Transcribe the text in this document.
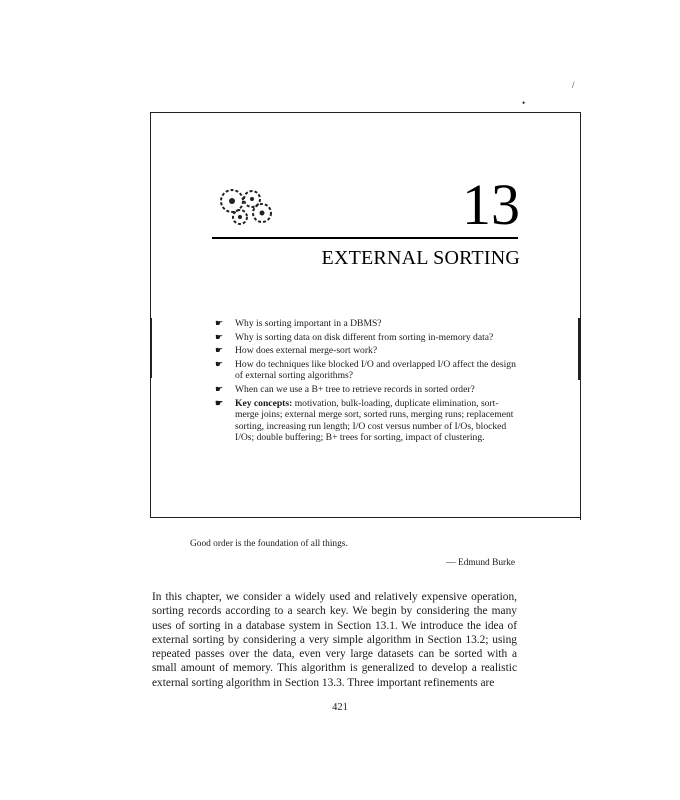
•
/
13
EXTERNAL SORTING
☛ Why is sorting important in a DBMS?
☛ Why is sorting data on disk different from sorting in-memory data?
☛ How does external merge-sort work?
☛ How do techniques like blocked I/O and overlapped I/O affect the design of external sorting algorithms?
☛ When can we use a B+ tree to retrieve records in sorted order?
☛ Key concepts: motivation, bulk-loading, duplicate elimination, sort-merge joins; external merge sort, sorted runs, merging runs; replacement sorting, increasing run length; I/O cost versus number of I/Os, blocked I/Os; double buffering; B+ trees for sorting, impact of clustering.
Good order is the foundation of all things.
— Edmund Burke
In this chapter, we consider a widely used and relatively expensive operation, sorting records according to a search key. We begin by considering the many uses of sorting in a database system in Section 13.1. We introduce the idea of external sorting by considering a very simple algorithm in Section 13.2; using repeated passes over the data, even very large datasets can be sorted with a small amount of memory. This algorithm is generalized to develop a realistic external sorting algorithm in Section 13.3. Three important refinements are
421
